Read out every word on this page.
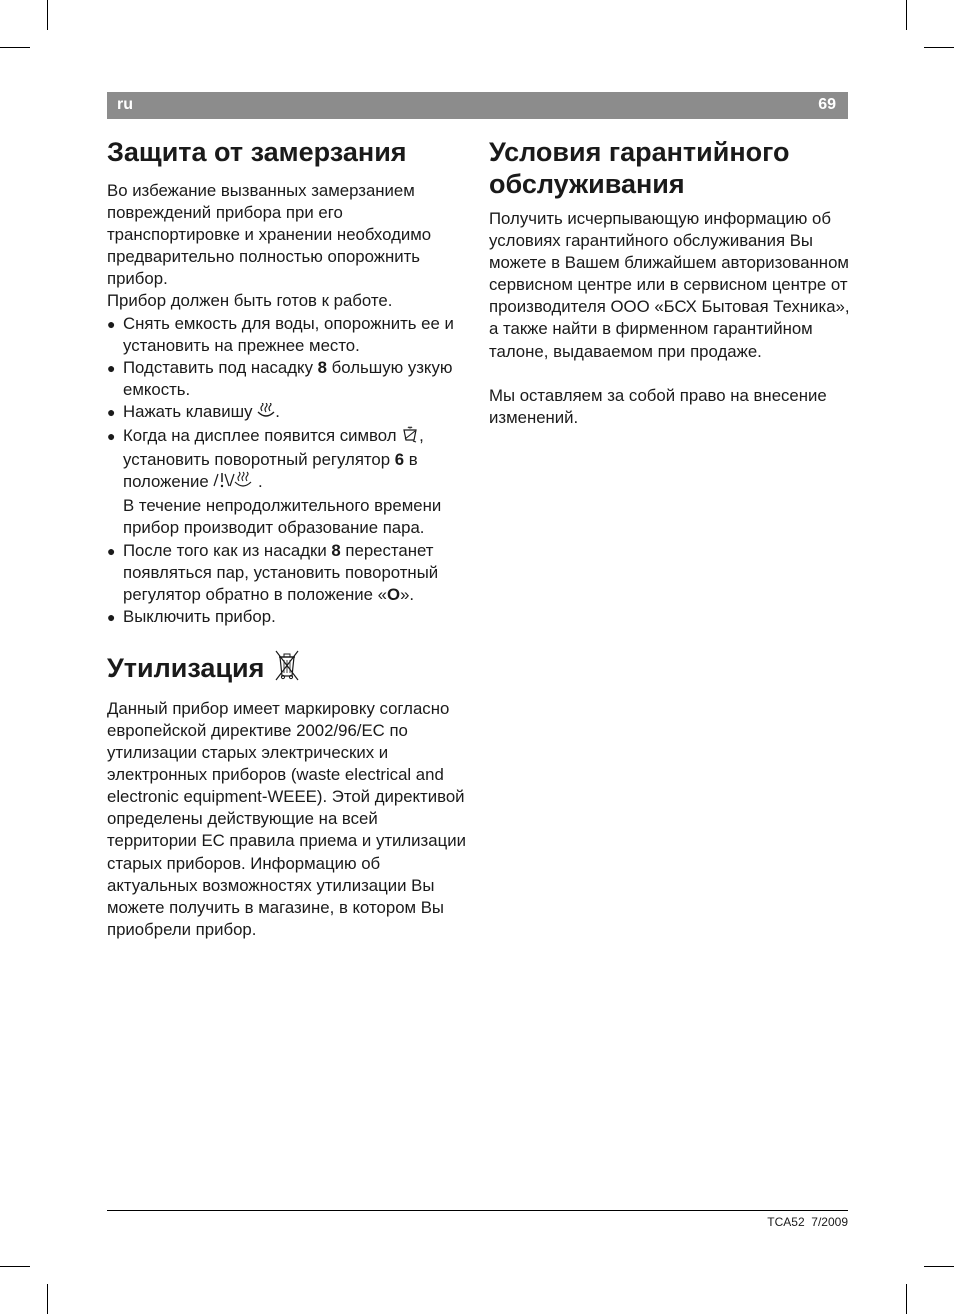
ru	69
Защита от замерзания

Во избежание вызванных замерзанием повреждений прибора при его транспортировке и хранении необходимо предварительно полностью опорожнить прибор.

Прибор должен быть готов к работе.

● Снять емкость для воды, опорожнить ее и установить на прежнее место.
● Подставить под насадку 8 большую узкую емкость.
● Нажать клавишу .
● Когда на дисплее появится символ , установить поворотный регулятор 6 в положение  .
В течение непродолжительного времени прибор производит образование пара.
● После того как из насадки 8 перестанет появляться пар, установить поворотный регулятор обратно в положение «O».
● Выключить прибор.
Утилизация

Данный прибор имеет маркировку согласно европейской директиве 2002/96/EC по утилизации старых электрических и электронных приборов (waste electrical and electronic equipment-WEEE). Этой директивой определены действующие на всей территории ЕС правила приема и утилизации старых приборов. Информацию об актуальных возможностях утилизации Вы можете получить в магазине, в котором Вы приобрели прибор.

Условия гарантийного обслуживания

Получить исчерпывающую информацию об условиях гарантийного обслуживания Вы можете в Вашем ближайшем авторизованном сервисном центре или в сервисном центре от производителя ООО «БСХ Бытовая Техника», а также найти в фирменном гарантийном талоне, выдаваемом при продаже.

Мы оставляем за собой право на внесение изменений.

TCA52  7/2009
